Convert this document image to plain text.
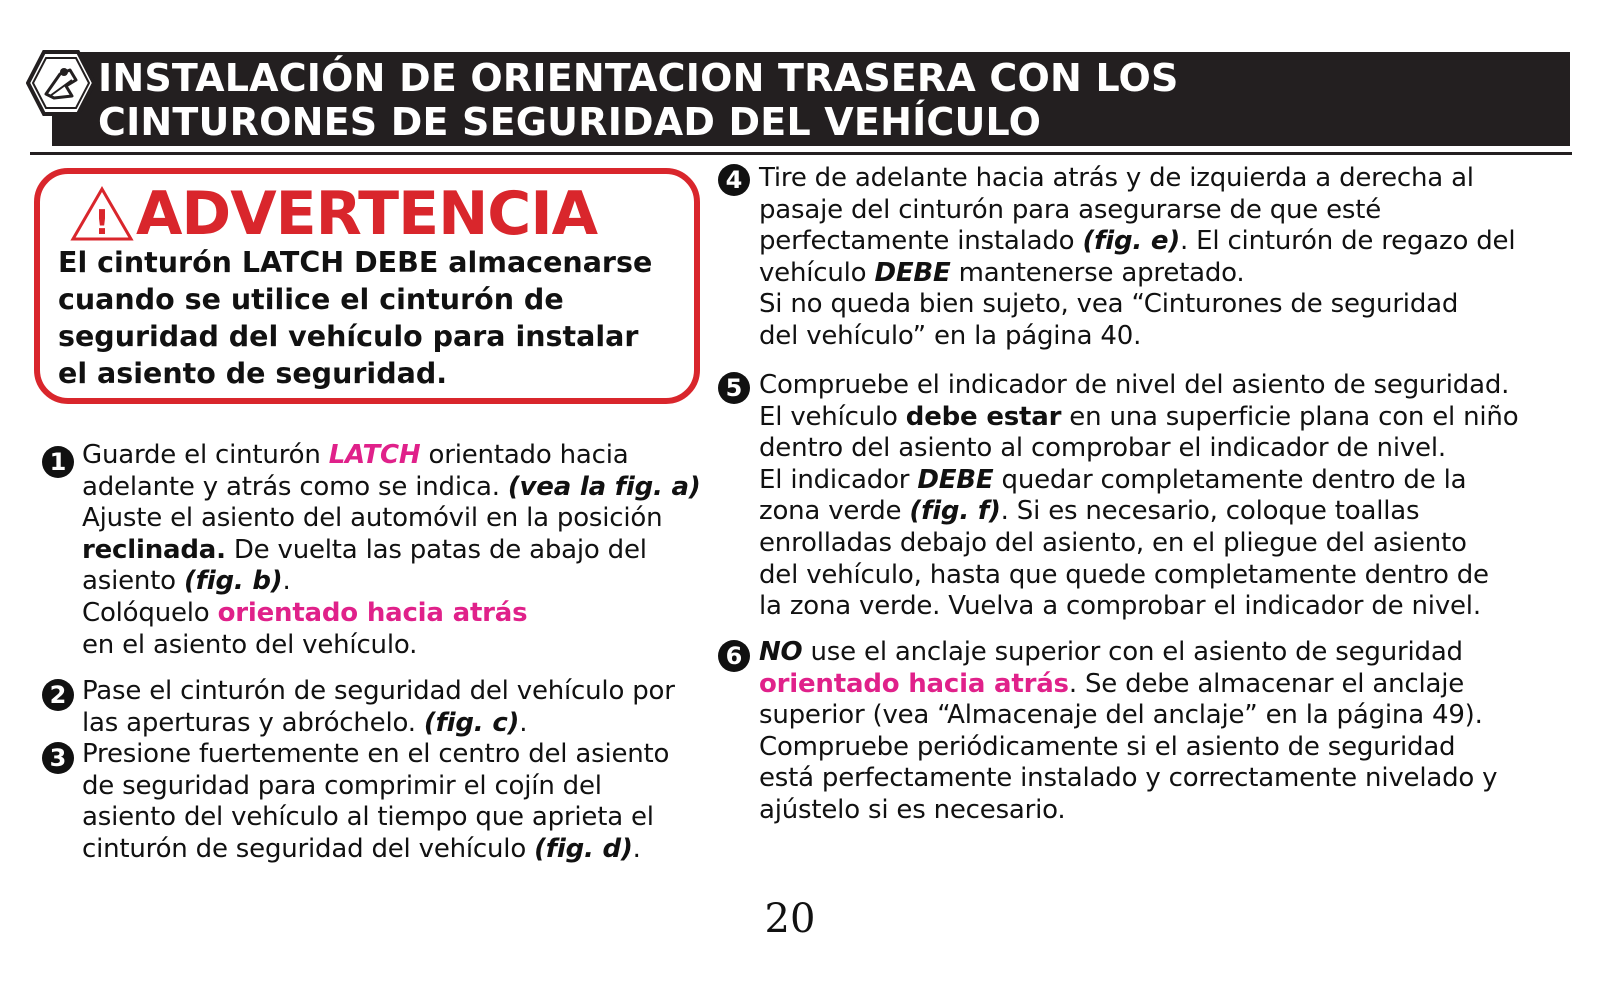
INSTALACIÓN DE ORIENTACION TRASERA CON LOS
CINTURONES DE SEGURIDAD DEL VEHÍCULO
! ADVERTENCIA
El cinturón LATCH DEBE almacenarse
cuando se utilice el cinturón de
seguridad del vehículo para instalar
el asiento de seguridad.
1 Guarde el cinturón LATCH orientado hacia

adelante y atrás como se indica. (vea la fig. a)

Ajuste el asiento del automóvil en la posición

reclinada. De vuelta las patas de abajo del

asiento (fig. b).

Colóquelo orientado hacia atrás

en el asiento del vehículo.

2 Pase el cinturón de seguridad del vehículo por

las aperturas y abróchelo. (fig. c).

3 Presione fuertemente en el centro del asiento

de seguridad para comprimir el cojín del

asiento del vehículo al tiempo que aprieta el

cinturón de seguridad del vehículo (fig. d).

4 Tire de adelante hacia atrás y de izquierda a derecha al

pasaje del cinturón para asegurarse de que esté

perfectamente instalado (fig. e). El cinturón de regazo del

vehículo DEBE mantenerse apretado.

Si no queda bien sujeto, vea “Cinturones de seguridad

del vehículo” en la página 40.

5 Compruebe el indicador de nivel del asiento de seguridad.

El vehículo debe estar en una superficie plana con el niño

dentro del asiento al comprobar el indicador de nivel.

El indicador DEBE quedar completamente dentro de la

zona verde (fig. f). Si es necesario, coloque toallas

enrolladas debajo del asiento, en el pliegue del asiento

del vehículo, hasta que quede completamente dentro de

la zona verde. Vuelva a comprobar el indicador de nivel.

6 NO use el anclaje superior con el asiento de seguridad

orientado hacia atrás. Se debe almacenar el anclaje

superior (vea “Almacenaje del anclaje” en la página 49).

Compruebe periódicamente si el asiento de seguridad

está perfectamente instalado y correctamente nivelado y

ajústelo si es necesario.

20
